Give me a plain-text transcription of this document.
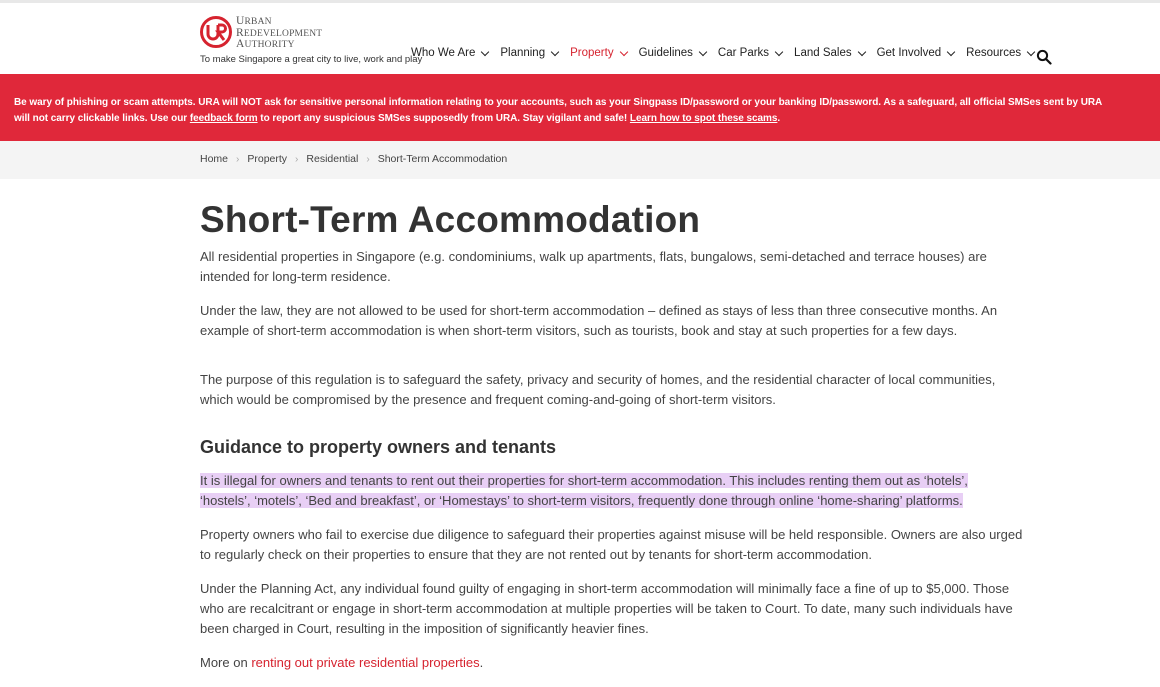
URBAN
REDEVELOPMENT
AUTHORITY
To make Singapore a great city to live, work and play
Who We Are Planning Property Guidelines Car Parks Land Sales Get Involved Resources
Be wary of phishing or scam attempts. URA will NOT ask for sensitive personal information relating to your accounts, such as your Singpass ID/password or your banking ID/password. As a safeguard, all official SMSes sent by URA
will not carry clickable links. Use our feedback form to report any suspicious SMSes supposedly from URA. Stay vigilant and safe! Learn how to spot these scams.
Home › Property › Residential › Short-Term Accommodation
Short-Term Accommodation
All residential properties in Singapore (e.g. condominiums, walk up apartments, flats, bungalows, semi-detached and terrace houses) are
intended for long-term residence.
Under the law, they are not allowed to be used for short-term accommodation – defined as stays of less than three consecutive months. An
example of short-term accommodation is when short-term visitors, such as tourists, book and stay at such properties for a few days.
The purpose of this regulation is to safeguard the safety, privacy and security of homes, and the residential character of local communities,
which would be compromised by the presence and frequent coming-and-going of short-term visitors.
Guidance to property owners and tenants
It is illegal for owners and tenants to rent out their properties for short-term accommodation. This includes renting them out as ‘hotels’,
‘hostels’, ‘motels’, ‘Bed and breakfast’, or ‘Homestays’ to short-term visitors, frequently done through online ‘home-sharing’ platforms.
Property owners who fail to exercise due diligence to safeguard their properties against misuse will be held responsible. Owners are also urged
to regularly check on their properties to ensure that they are not rented out by tenants for short-term accommodation.
Under the Planning Act, any individual found guilty of engaging in short-term accommodation will minimally face a fine of up to $5,000. Those
who are recalcitrant or engage in short-term accommodation at multiple properties will be taken to Court. To date, many such individuals have
been charged in Court, resulting in the imposition of significantly heavier fines.
More on renting out private residential properties.
